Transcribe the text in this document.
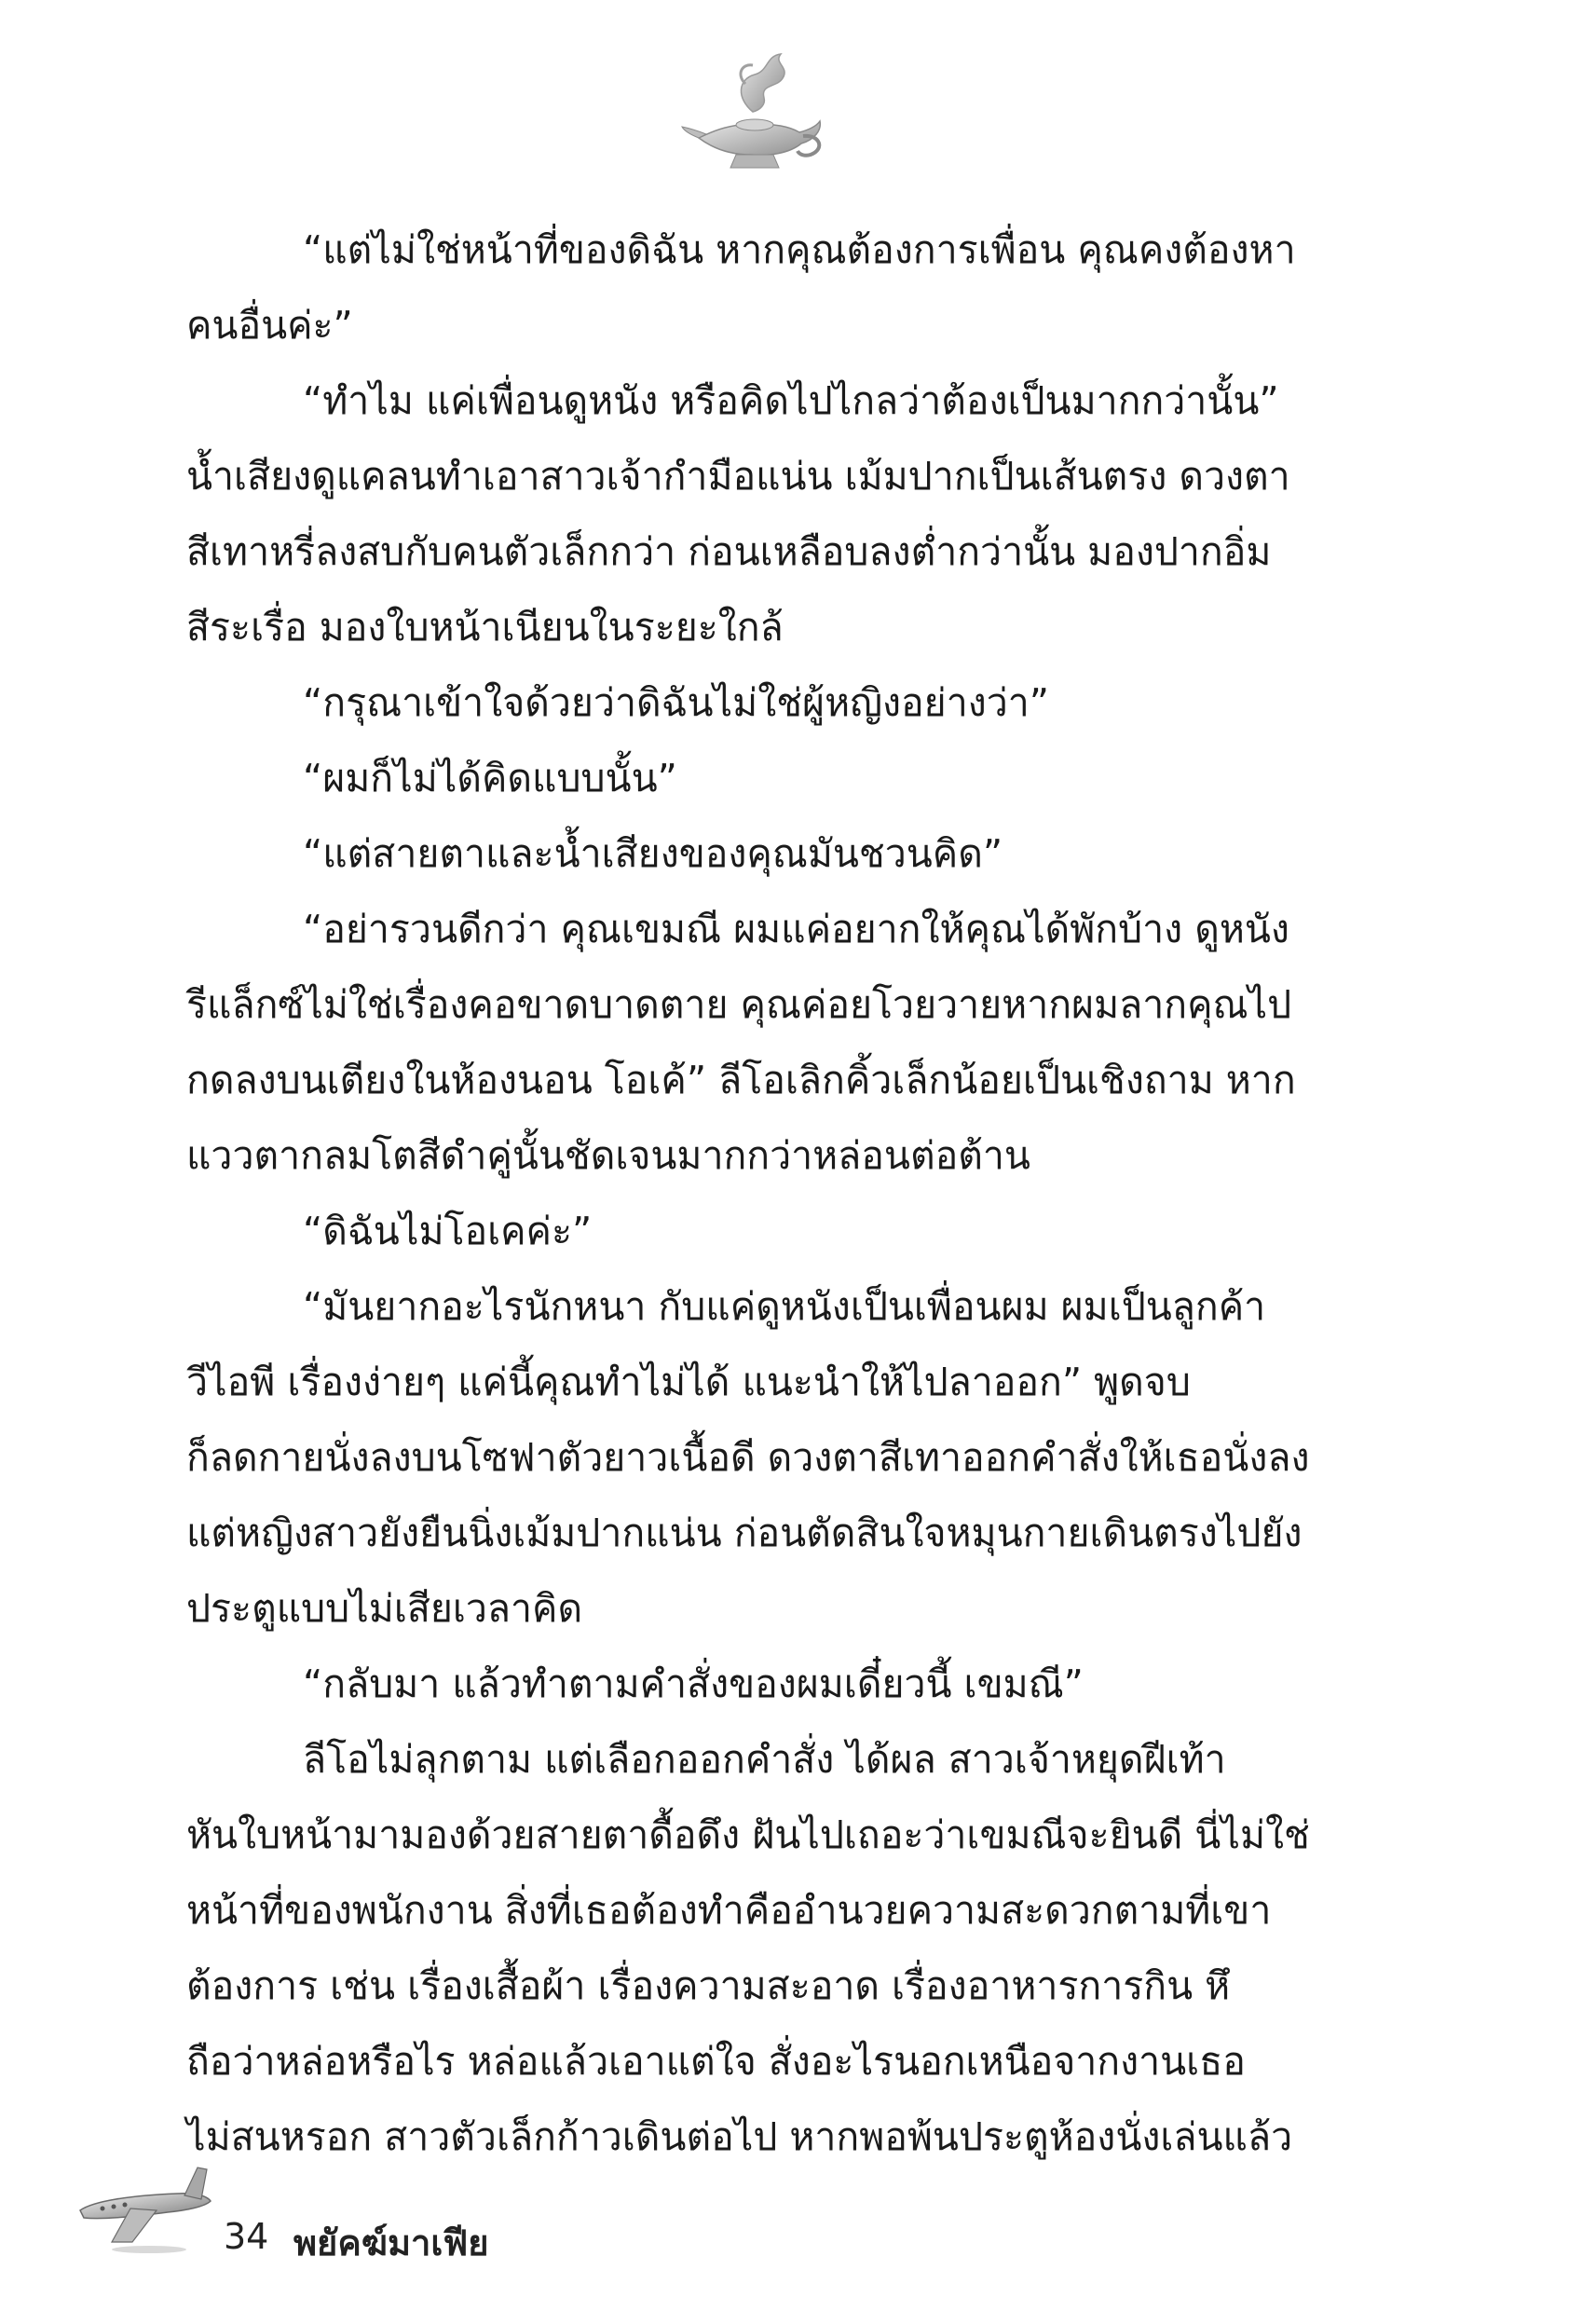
“แต่ไม่ใช่หน้าที่ของดิฉัน หากคุณต้องการเพื่อน คุณคงต้องหา
คนอื่นค่ะ”
“ทำไม แค่เพื่อนดูหนัง หรือคิดไปไกลว่าต้องเป็นมากกว่านั้น”
น้ำเสียงดูแคลนทำเอาสาวเจ้ากำมือแน่น เม้มปากเป็นเส้นตรง ดวงตา
สีเทาหรี่ลงสบกับคนตัวเล็กกว่า ก่อนเหลือบลงต่ำกว่านั้น มองปากอิ่ม
สีระเรื่อ มองใบหน้าเนียนในระยะใกล้
“กรุณาเข้าใจด้วยว่าดิฉันไม่ใช่ผู้หญิงอย่างว่า”
“ผมก็ไม่ได้คิดแบบนั้น”
“แต่สายตาและน้ำเสียงของคุณมันชวนคิด”
“อย่ารวนดีกว่า คุณเขมณี ผมแค่อยากให้คุณได้พักบ้าง ดูหนัง
รีแล็กซ์ไม่ใช่เรื่องคอขาดบาดตาย คุณค่อยโวยวายหากผมลากคุณไป
กดลงบนเตียงในห้องนอน โอเค้” ลีโอเลิกคิ้วเล็กน้อยเป็นเชิงถาม หาก
แววตากลมโตสีดำคู่นั้นชัดเจนมากกว่าหล่อนต่อต้าน
“ดิฉันไม่โอเคค่ะ”
“มันยากอะไรนักหนา กับแค่ดูหนังเป็นเพื่อนผม ผมเป็นลูกค้า
วีไอพี เรื่องง่ายๆ แค่นี้คุณทำไม่ได้ แนะนำให้ไปลาออก” พูดจบ
ก็ลดกายนั่งลงบนโซฟาตัวยาวเนื้อดี ดวงตาสีเทาออกคำสั่งให้เธอนั่งลง
แต่หญิงสาวยังยืนนิ่งเม้มปากแน่น ก่อนตัดสินใจหมุนกายเดินตรงไปยัง
ประตูแบบไม่เสียเวลาคิด
“กลับมา แล้วทำตามคำสั่งของผมเดี๋ยวนี้ เขมณี”
ลีโอไม่ลุกตาม แต่เลือกออกคำสั่ง ได้ผล สาวเจ้าหยุดฝีเท้า
หันใบหน้ามามองด้วยสายตาดื้อดึง ฝันไปเถอะว่าเขมณีจะยินดี นี่ไม่ใช่
หน้าที่ของพนักงาน สิ่งที่เธอต้องทำคืออำนวยความสะดวกตามที่เขา
ต้องการ เช่น เรื่องเสื้อผ้า เรื่องความสะอาด เรื่องอาหารการกิน หึ
ถือว่าหล่อหรือไร หล่อแล้วเอาแต่ใจ สั่งอะไรนอกเหนือจากงานเธอ
ไม่สนหรอก สาวตัวเล็กก้าวเดินต่อไป หากพอพ้นประตูห้องนั่งเล่นแล้ว
34 พยัคฆ์มาเฟีย
